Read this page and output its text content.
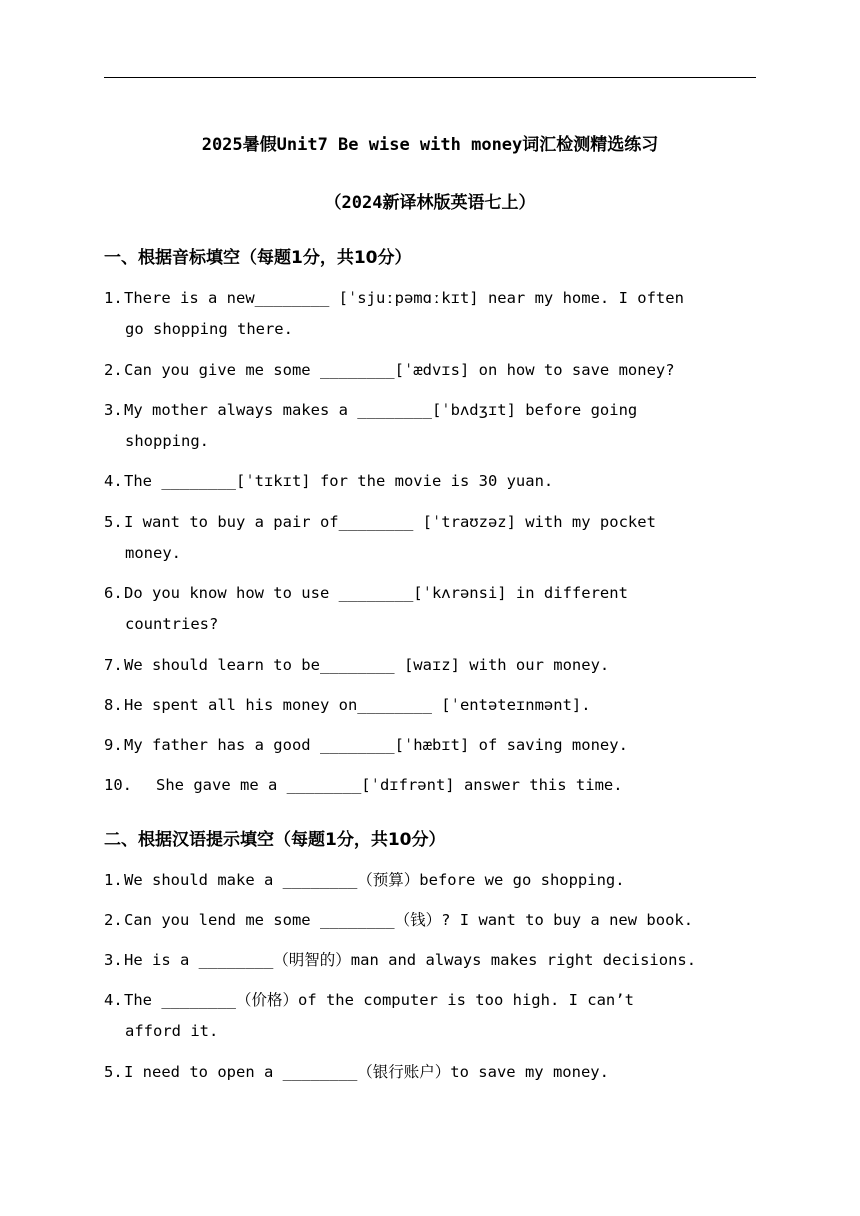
2025暑假Unit7 Be wise with money词汇检测精选练习
（2024新译林版英语七上）
一、根据音标填空（每题1分，共10分）
1.There is a new________ [ˈsjuːpəmɑːkɪt] near my home. I often
go shopping there.
2.Can you give me some ________[ˈædvɪs] on how to save money?
3.My mother always makes a ________[ˈbʌdʒɪt] before going
shopping.
4.The ________[ˈtɪkɪt] for the movie is 30 yuan.
5.I want to buy a pair of________ [ˈtraʊzəz] with my pocket
money.
6.Do you know how to use ________[ˈkʌrənsi] in different
countries?
7.We should learn to be________ [waɪz] with our money.
8.He spent all his money on________ [ˈentəteɪnmənt].
9.My father has a good ________[ˈhæbɪt] of saving money.
10. She gave me a ________[ˈdɪfrənt] answer this time.
二、根据汉语提示填空（每题1分，共10分）
1.We should make a ________（预算）before we go shopping.
2.Can you lend me some ________（钱）? I want to buy a new book.
3.He is a ________（明智的）man and always makes right decisions.
4.The ________（价格）of the computer is too high. I can’t
afford it.
5.I need to open a ________（银行账户）to save my money.
